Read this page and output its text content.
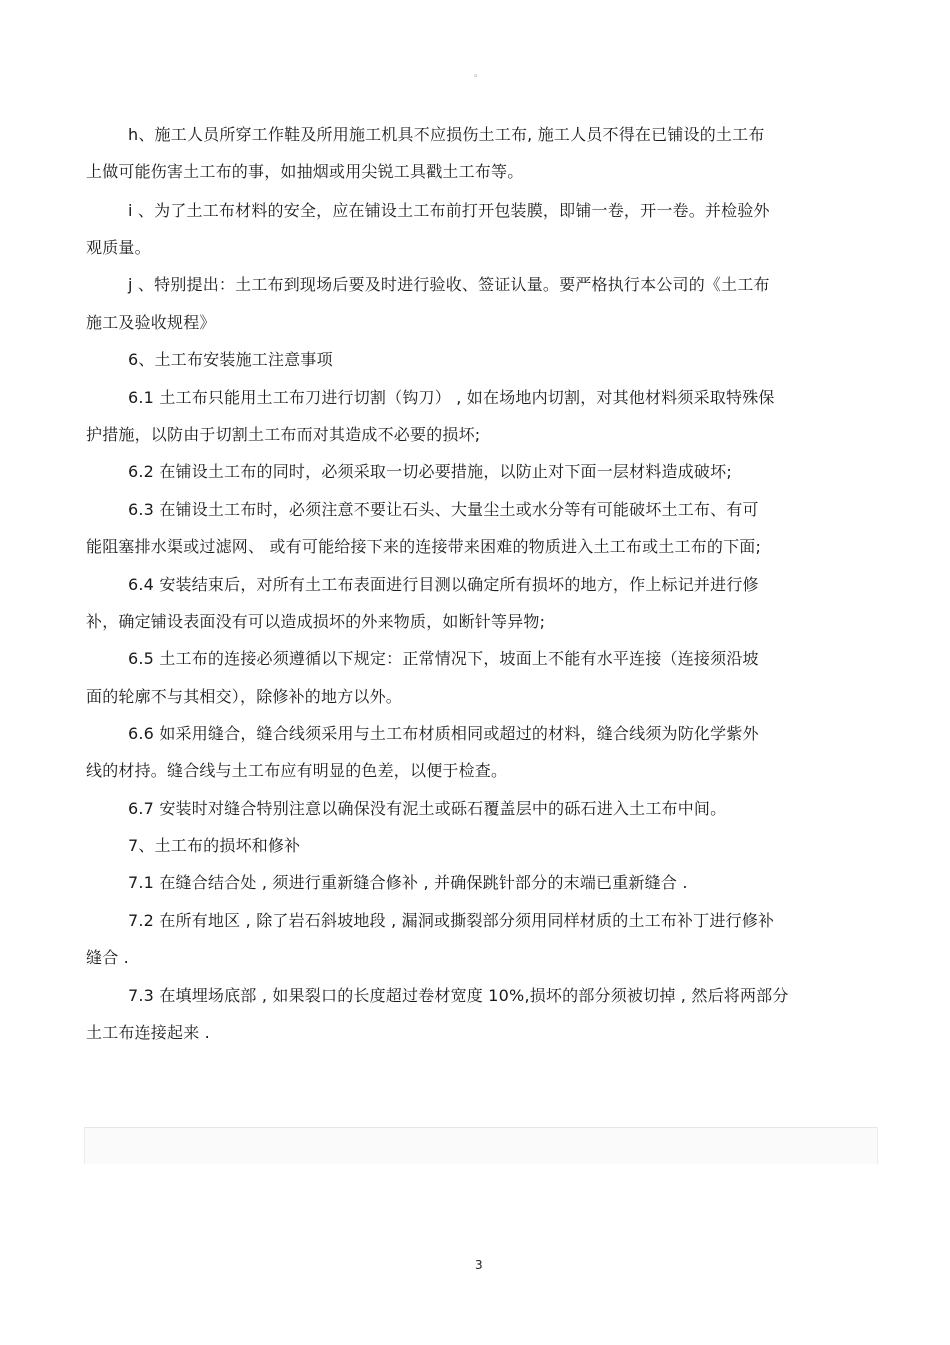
。
h、施工人员所穿工作鞋及所用施工机具不应损伤土工布, 施工人员不得在已铺设的土工布
上做可能伤害土工布的事，如抽烟或用尖锐工具戳土工布等。
i 、为了土工布材料的安全，应在铺设土工布前打开包装膜，即铺一卷，开一卷。并检验外
观质量。
j 、特别提出：土工布到现场后要及时进行验收、签证认量。要严格执行本公司的《土工布
施工及验收规程》
6、土工布安装施工注意事项
6.1 土工布只能用土工布刀进行切割（钩刀） , 如在场地内切割，对其他材料须采取特殊保
护措施，以防由于切割土工布而对其造成不必要的损坏;
6.2 在铺设土工布的同时，必须采取一切必要措施，以防止对下面一层材料造成破坏;
6.3 在铺设土工布时，必须注意不要让石头、大量尘土或水分等有可能破坏土工布、有可
能阻塞排水渠或过滤网、 或有可能给接下来的连接带来困难的物质进入土工布或土工布的下面;
6.4 安装结束后，对所有土工布表面进行目测以确定所有损坏的地方，作上标记并进行修
补，确定铺设表面没有可以造成损坏的外来物质，如断针等异物;
6.5 土工布的连接必须遵循以下规定：正常情况下，坡面上不能有水平连接（连接须沿坡
面的轮廓不与其相交），除修补的地方以外。
6.6 如采用缝合，缝合线须采用与土工布材质相同或超过的材料，缝合线须为防化学紫外
线的材持。缝合线与土工布应有明显的色差，以便于检查。
6.7 安装时对缝合特别注意以确保没有泥土或砾石覆盖层中的砾石进入土工布中间。
7、土工布的损坏和修补
7.1 在缝合结合处 , 须进行重新缝合修补 , 并确保跳针部分的末端已重新缝合 .
7.2 在所有地区 , 除了岩石斜坡地段 , 漏洞或撕裂部分须用同样材质的土工布补丁进行修补
缝合 .
7.3 在填埋场底部 , 如果裂口的长度超过卷材宽度 10%,损坏的部分须被切掉 , 然后将两部分
土工布连接起来 .
3
